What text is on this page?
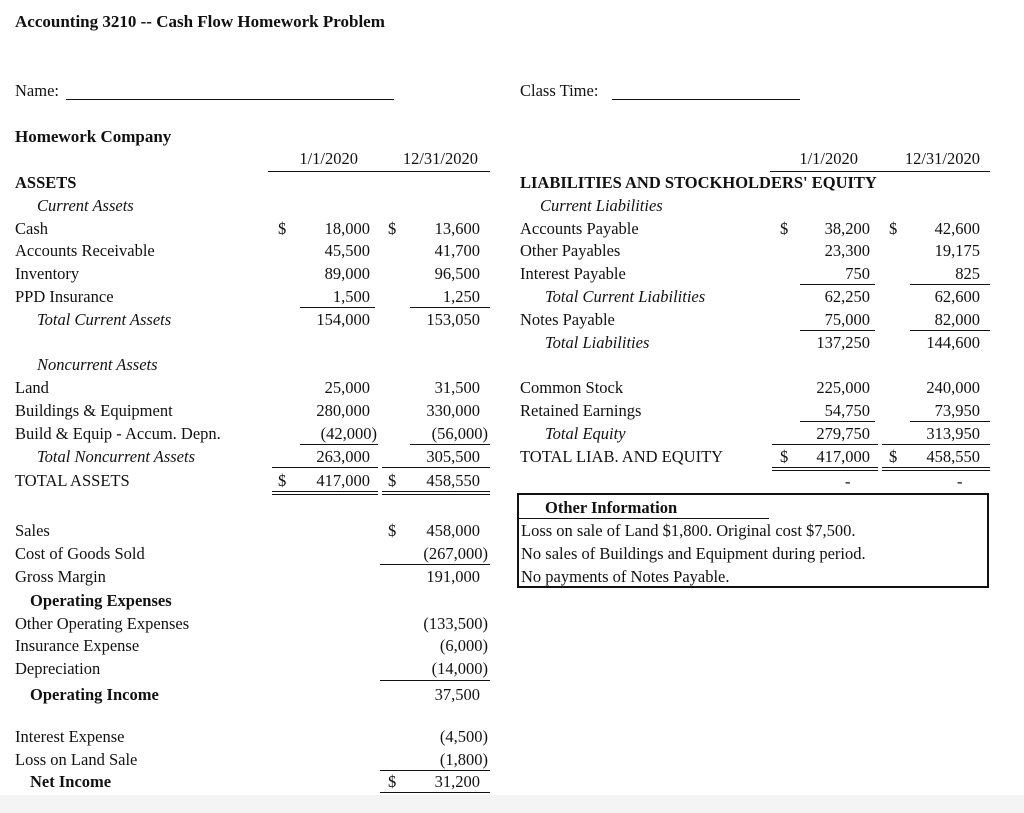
Accounting 3210 -- Cash Flow Homework Problem
Name:	Class Time:
Homework Company
1/1/2020	12/31/2020
ASSETS
Current Assets
Cash	$	18,000 $	13,600
Accounts Receivable	45,500	41,700
Inventory	89,000	96,500
PPD Insurance	1,500	1,250
Total Current Assets	154,000	153,050
Noncurrent Assets
Land	25,000	31,500
Buildings & Equipment	280,000	330,000
Build & Equip - Accum. Depn.	(42,000)	(56,000)
Total Noncurrent Assets	263,000	305,500
TOTAL ASSETS	$	417,000 $	458,550
1/1/2020	12/31/2020
LIABILITIES AND STOCKHOLDERS' EQUITY
Current Liabilities
Accounts Payable	$	38,200 $	42,600
Other Payables	23,300	19,175
Interest Payable	750	825
Total Current Liabilities	62,250	62,600
Notes Payable	75,000	82,000
Total Liabilities	137,250	144,600
Common Stock	225,000	240,000
Retained Earnings	54,750	73,950
Total Equity	279,750	313,950
TOTAL LIAB. AND EQUITY	$	417,000 $	458,550
-	-
Other Information
Loss on sale of Land $1,800. Original cost $7,500.
No sales of Buildings and Equipment during period.
No payments of Notes Payable.
Sales	$	458,000
Cost of Goods Sold	(267,000)
Gross Margin	191,000
Operating Expenses
Other Operating Expenses	(133,500)
Insurance Expense	(6,000)
Depreciation	(14,000)
Operating Income	37,500
Interest Expense	(4,500)
Loss on Land Sale	(1,800)
Net Income	$	31,200
